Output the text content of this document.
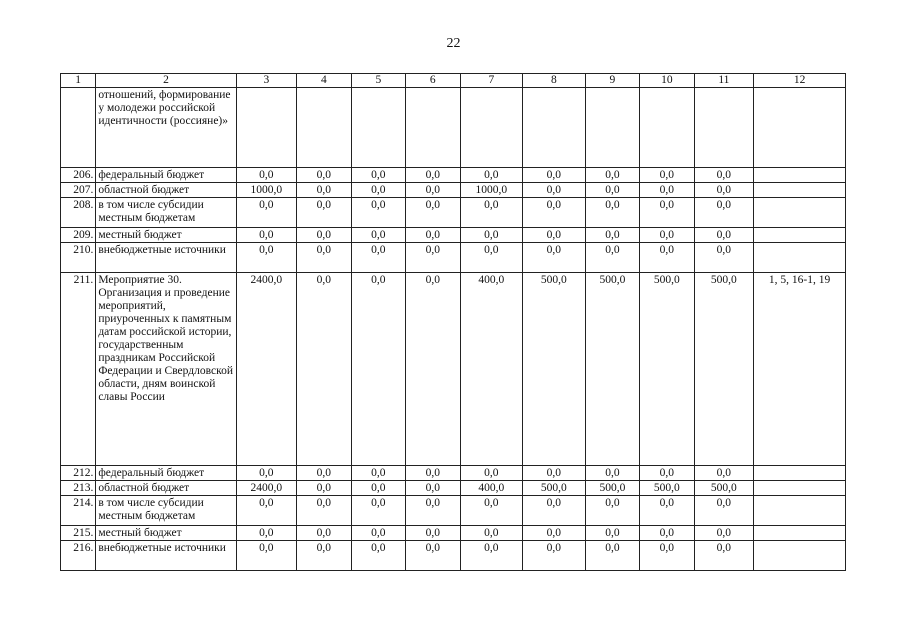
22
1	2	3	4	5	6	7	8	9	10	11	12
	отношений, формирование у молодежи российской идентичности (россияне)»										
206.	федеральный бюджет	0,0	0,0	0,0	0,0	0,0	0,0	0,0	0,0	0,0	
207.	областной бюджет	1000,0	0,0	0,0	0,0	1000,0	0,0	0,0	0,0	0,0	
208.	в том числе субсидии местным бюджетам	0,0	0,0	0,0	0,0	0,0	0,0	0,0	0,0	0,0	
209.	местный бюджет	0,0	0,0	0,0	0,0	0,0	0,0	0,0	0,0	0,0	
210.	внебюджетные источники	0,0	0,0	0,0	0,0	0,0	0,0	0,0	0,0	0,0	
211.	Мероприятие 30. Организация и проведение мероприятий, приуроченных к памятным датам российской истории, государственным праздникам Российской Федерации и Свердловской области, дням воинской славы России	2400,0	0,0	0,0	0,0	400,0	500,0	500,0	500,0	500,0	1, 5, 16-1, 19
212.	федеральный бюджет	0,0	0,0	0,0	0,0	0,0	0,0	0,0	0,0	0,0	
213.	областной бюджет	2400,0	0,0	0,0	0,0	400,0	500,0	500,0	500,0	500,0	
214.	в том числе субсидии местным бюджетам	0,0	0,0	0,0	0,0	0,0	0,0	0,0	0,0	0,0	
215.	местный бюджет	0,0	0,0	0,0	0,0	0,0	0,0	0,0	0,0	0,0	
216.	внебюджетные источники	0,0	0,0	0,0	0,0	0,0	0,0	0,0	0,0	0,0	
